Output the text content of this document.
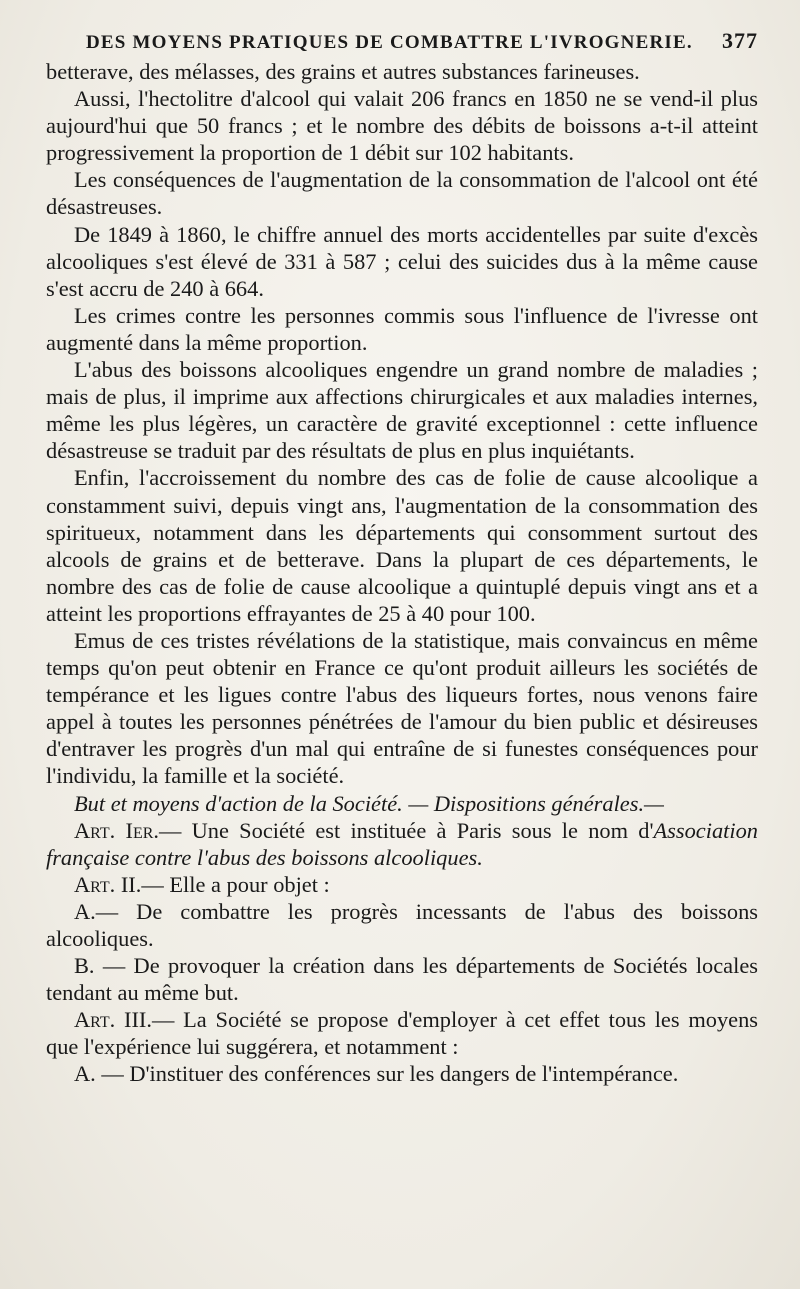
DES MOYENS PRATIQUES DE COMBATTRE L'IVROGNERIE. 377

betterave, des mélasses, des grains et autres substances farineuses.

Aussi, l'hectolitre d'alcool qui valait 206 francs en 1850 ne se vend-il plus aujourd'hui que 50 francs ; et le nombre des débits de boissons a-t-il atteint progressivement la proportion de 1 débit sur 102 habitants.

Les conséquences de l'augmentation de la consommation de l'alcool ont été désastreuses.

De 1849 à 1860, le chiffre annuel des morts accidentelles par suite d'excès alcooliques s'est élevé de 331 à 587 ; celui des suicides dus à la même cause s'est accru de 240 à 664.

Les crimes contre les personnes commis sous l'influence de l'ivresse ont augmenté dans la même proportion.

L'abus des boissons alcooliques engendre un grand nombre de maladies ; mais de plus, il imprime aux affections chirurgicales et aux maladies internes, même les plus légères, un caractère de gravité exceptionnel : cette influence désastreuse se traduit par des résultats de plus en plus inquiétants.

Enfin, l'accroissement du nombre des cas de folie de cause alcoolique a constamment suivi, depuis vingt ans, l'augmentation de la consommation des spiritueux, notamment dans les départements qui consomment surtout des alcools de grains et de betterave. Dans la plupart de ces départements, le nombre des cas de folie de cause alcoolique a quintuplé depuis vingt ans et a atteint les proportions effrayantes de 25 à 40 pour 100.

Emus de ces tristes révélations de la statistique, mais convaincus en même temps qu'on peut obtenir en France ce qu'ont produit ailleurs les sociétés de tempérance et les ligues contre l'abus des liqueurs fortes, nous venons faire appel à toutes les personnes pénétrées de l'amour du bien public et désireuses d'entraver les progrès d'un mal qui entraîne de si funestes conséquences pour l'individu, la famille et la société.

But et moyens d'action de la Société. — Dispositions générales.—

Art. Ier.— Une Société est instituée à Paris sous le nom d'Association française contre l'abus des boissons alcooliques.

Art. II.— Elle a pour objet :

A.— De combattre les progrès incessants de l'abus des boissons alcooliques.

B. — De provoquer la création dans les départements de Sociétés locales tendant au même but.

Art. III.— La Société se propose d'employer à cet effet tous les moyens que l'expérience lui suggérera, et notamment :

A. — D'instituer des conférences sur les dangers de l'intempérance.
